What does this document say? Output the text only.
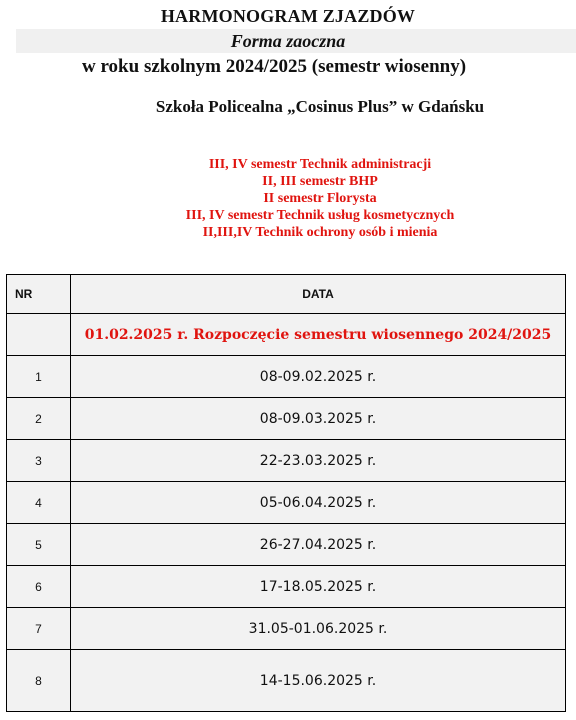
HARMONOGRAM ZJAZDÓW
Forma zaoczna
w roku szkolnym 2024/2025 (semestr wiosenny)
Szkoła Policealna „Cosinus Plus” w Gdańsku
III, IV semestr Technik administracji
II, III semestr BHP
II semestr Florysta
III, IV semestr Technik usług kosmetycznych
II,III,IV Technik ochrony osób i mienia
NR	DATA
	01.02.2025 r. Rozpoczęcie semestru wiosennego 2024/2025
1	08-09.02.2025 r.
2	08-09.03.2025 r.
3	22-23.03.2025 r.
4	05-06.04.2025 r.
5	26-27.04.2025 r.
6	17-18.05.2025 r.
7	31.05-01.06.2025 r.
8	14-15.06.2025 r.
